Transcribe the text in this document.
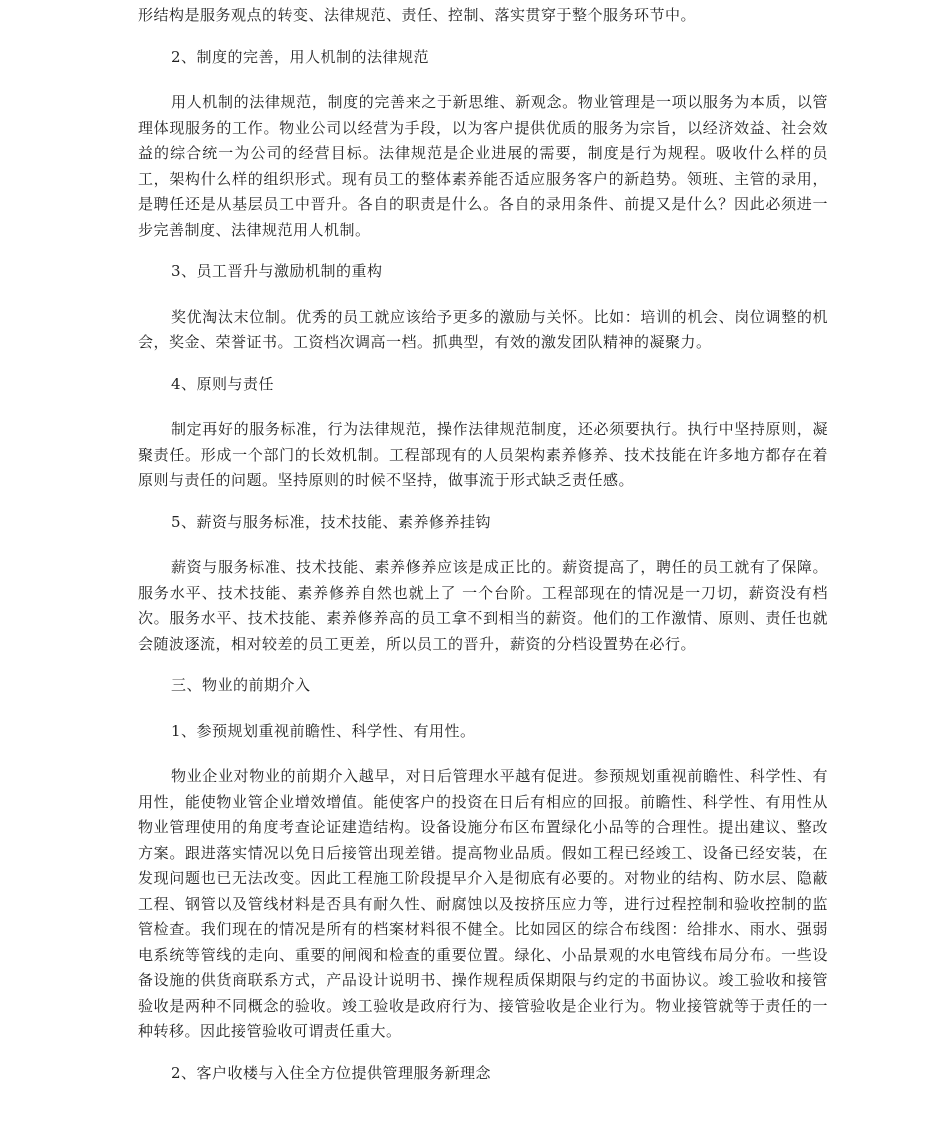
形结构是服务观点的转变、法律规范、责任、控制、落实贯穿于整个服务环节中。

2、制度的完善，用人机制的法律规范

用人机制的法律规范，制度的完善来之于新思维、新观念。物业管理是一项以服务为本质，以管理体现服务的工作。物业公司以经营为手段，以为客户提供优质的服务为宗旨，以经济效益、社会效益的综合统一为公司的经营目标。法律规范是企业进展的需要，制度是行为规程。吸收什么样的员工，架构什么样的组织形式。现有员工的整体素养能否适应服务客户的新趋势。领班、主管的录用，是聘任还是从基层员工中晋升。各自的职责是什么。各自的录用条件、前提又是什么？因此必须进一步完善制度、法律规范用人机制。

3、员工晋升与激励机制的重构

奖优淘汰末位制。优秀的员工就应该给予更多的激励与关怀。比如：培训的机会、岗位调整的机会，奖金、荣誉证书。工资档次调高一档。抓典型，有效的激发团队精神的凝聚力。

4、原则与责任

制定再好的服务标准，行为法律规范，操作法律规范制度，还必须要执行。执行中坚持原则，凝聚责任。形成一个部门的长效机制。工程部现有的人员架构素养修养、技术技能在许多地方都存在着原则与责任的问题。坚持原则的时候不坚持，做事流于形式缺乏责任感。

5、薪资与服务标准，技术技能、素养修养挂钩

薪资与服务标准、技术技能、素养修养应该是成正比的。薪资提高了，聘任的员工就有了保障。服务水平、技术技能、素养修养自然也就上了 一个台阶。工程部现在的情况是一刀切，薪资没有档次。服务水平、技术技能、素养修养高的员工拿不到相当的薪资。他们的工作激情、原则、责任也就会随波逐流，相对较差的员工更差，所以员工的晋升，薪资的分档设置势在必行。

三、物业的前期介入

1、参预规划重视前瞻性、科学性、有用性。

物业企业对物业的前期介入越早，对日后管理水平越有促进。参预规划重视前瞻性、科学性、有用性，能使物业管企业增效增值。能使客户的投资在日后有相应的回报。前瞻性、科学性、有用性从物业管理使用的角度考查论证建造结构。设备设施分布区布置绿化小品等的合理性。提出建议、整改方案。跟进落实情况以免日后接管出现差错。提高物业品质。假如工程已经竣工、设备已经安装，在发现问题也已无法改变。因此工程施工阶段提早介入是彻底有必要的。对物业的结构、防水层、隐蔽工程、钢管以及管线材料是否具有耐久性、耐腐蚀以及按挤压应力等，进行过程控制和验收控制的监管检查。我们现在的情况是所有的档案材料很不健全。比如园区的综合布线图：给排水、雨水、强弱电系统等管线的走向、重要的闸阀和检查的重要位置。绿化、小品景观的水电管线布局分布。一些设备设施的供货商联系方式，产品设计说明书、操作规程质保期限与约定的书面协议。竣工验收和接管验收是两种不同概念的验收。竣工验收是政府行为、接管验收是企业行为。物业接管就等于责任的一种转移。因此接管验收可谓责任重大。

2、客户收楼与入住全方位提供管理服务新理念
